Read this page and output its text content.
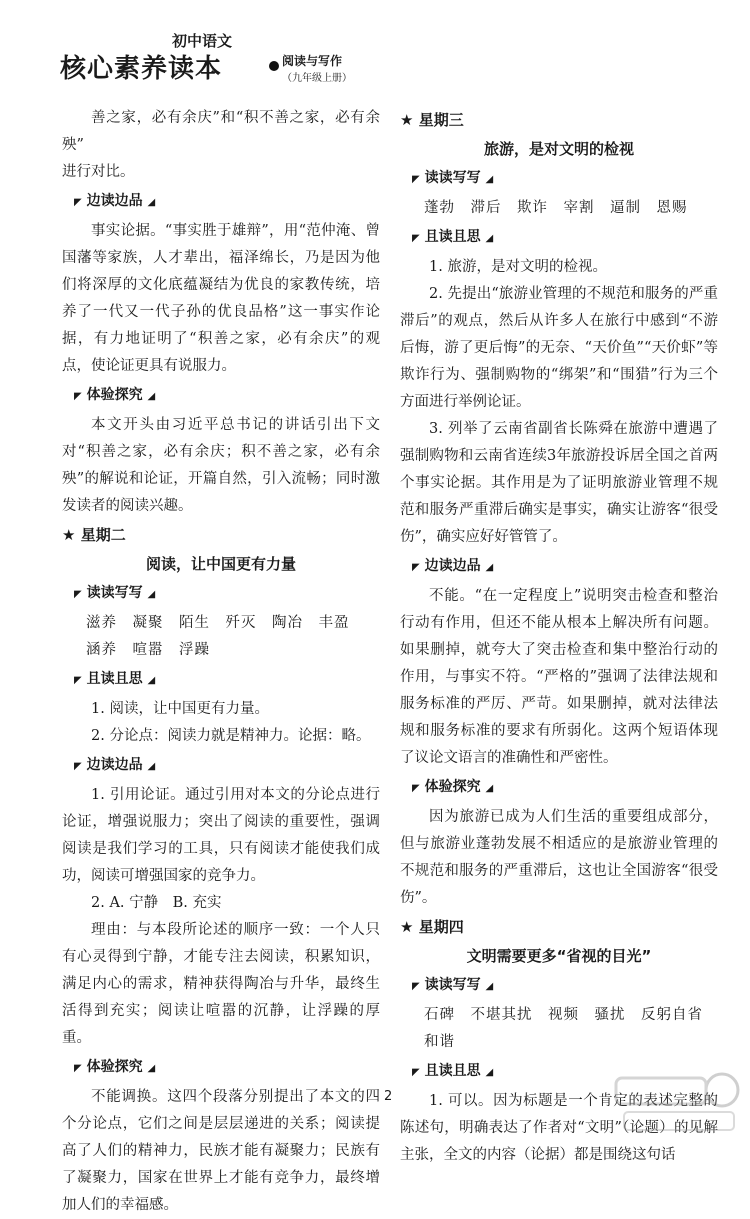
初中语文
核心素养读本	阅读与写作
（九年级上册）

善之家，必有余庆”和“积不善之家，必有余殃”

进行对比。

◤ 边读边品 ◢

事实论据。“事实胜于雄辩”，用“范仲淹、曾国藩等家族，人才辈出，福泽绵长，乃是因为他们将深厚的文化底蕴凝结为优良的家教传统，培养了一代又一代子孙的优良品格”这一事实作论据，有力地证明了“积善之家，必有余庆”的观点，使论证更具有说服力。

◤ 体验探究 ◢

本文开头由习近平总书记的讲话引出下文对“积善之家，必有余庆；积不善之家，必有余殃”的解说和论证，开篇自然，引入流畅；同时激发读者的阅读兴趣。

★ 星期二
阅读，让中国更有力量
◤ 读读写写 ◢

滋养　凝聚　陌生　歼灭　陶冶　丰盈　涵养　喧嚣　浮躁

◤ 且读且思 ◢

1. 阅读，让中国更有力量。

2. 分论点：阅读力就是精神力。论据：略。

◤ 边读边品 ◢

1. 引用论证。通过引用对本文的分论点进行论证，增强说服力；突出了阅读的重要性，强调阅读是我们学习的工具，只有阅读才能使我们成功，阅读可增强国家的竞争力。

2. A. 宁静　B. 充实

理由：与本段所论述的顺序一致：一个人只有心灵得到宁静，才能专注去阅读，积累知识，满足内心的需求，精神获得陶冶与升华，最终生活得到充实；阅读让喧嚣的沉静，让浮躁的厚重。

◤ 体验探究 ◢

不能调换。这四个段落分别提出了本文的四个分论点，它们之间是层层递进的关系；阅读提高了人们的精神力，民族才能有凝聚力；民族有了凝聚力，国家在世界上才能有竞争力，最终增加人们的幸福感。

★ 星期三
旅游，是对文明的检视
◤ 读读写写 ◢

蓬勃　滞后　欺诈　宰割　逼制　恩赐

◤ 且读且思 ◢

1. 旅游，是对文明的检视。

2. 先提出“旅游业管理的不规范和服务的严重滞后”的观点，然后从许多人在旅行中感到“不游后悔，游了更后悔”的无奈、“天价鱼”“天价虾”等欺诈行为、强制购物的“绑架”和“围猎”行为三个方面进行举例论证。

3. 列举了云南省副省长陈舜在旅游中遭遇了强制购物和云南省连续3年旅游投诉居全国之首两个事实论据。其作用是为了证明旅游业管理不规范和服务严重滞后确实是事实，确实让游客“很受伤”，确实应好好管管了。

◤ 边读边品 ◢

不能。“在一定程度上”说明突击检查和整治行动有作用，但还不能从根本上解决所有问题。如果删掉，就夸大了突击检查和集中整治行动的作用，与事实不符。“严格的”强调了法律法规和服务标准的严厉、严苛。如果删掉，就对法律法规和服务标准的要求有所弱化。这两个短语体现了议论文语言的准确性和严密性。

◤ 体验探究 ◢

因为旅游已成为人们生活的重要组成部分，但与旅游业蓬勃发展不相适应的是旅游业管理的不规范和服务的严重滞后，这也让全国游客“很受伤”。

★ 星期四
文明需要更多“省视的目光”
◤ 读读写写 ◢

石碑　不堪其扰　视频　骚扰　反躬自省　和谐

◤ 且读且思 ◢

1. 可以。因为标题是一个肯定的表述完整的陈述句，明确表达了作者对“文明”（论题）的见解主张，全文的内容（论据）都是围绕这句话

2
